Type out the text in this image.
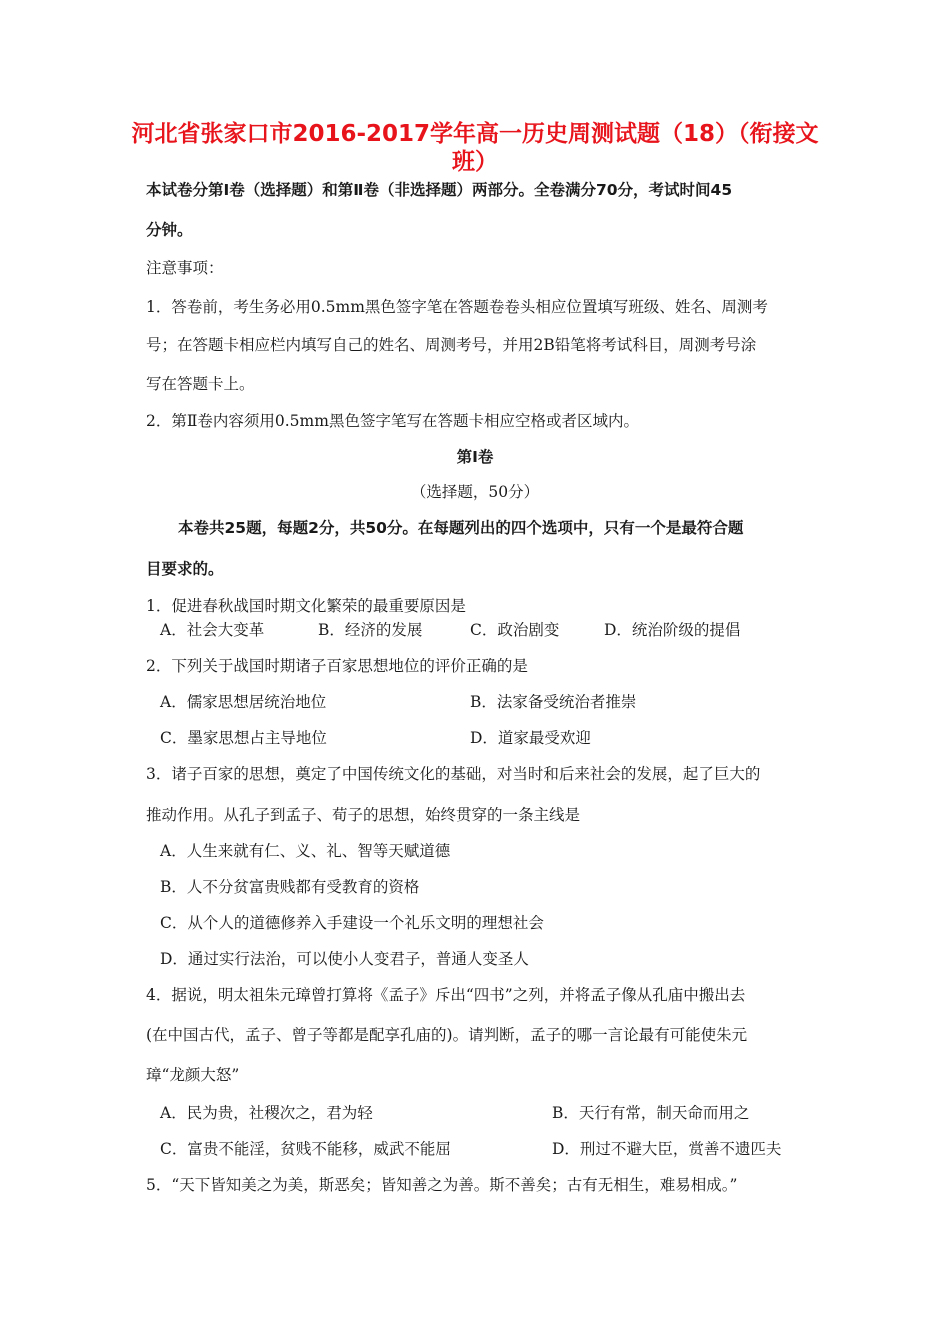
河北省张家口市2016-2017学年高一历史周测试题（18）（衔接文
班）
本试卷分第Ⅰ卷（选择题）和第Ⅱ卷（非选择题）两部分。全卷满分70分，考试时间45
分钟。
注意事项：
1．答卷前，考生务必用0.5mm黑色签字笔在答题卷卷头相应位置填写班级、姓名、周测考
号；在答题卡相应栏内填写自己的姓名、周测考号，并用2B铅笔将考试科目，周测考号涂
写在答题卡上。
2．第Ⅱ卷内容须用0.5mm黑色签字笔写在答题卡相应空格或者区域内。
第Ⅰ卷
（选择题，50分）
本卷共25题，每题2分，共50分。在每题列出的四个选项中，只有一个是最符合题
目要求的。
1．促进春秋战国时期文化繁荣的最重要原因是
A．社会大变革	B．经济的发展	C．政治剧变	D．统治阶级的提倡
2．下列关于战国时期诸子百家思想地位的评价正确的是
A．儒家思想居统治地位	B．法家备受统治者推崇
C．墨家思想占主导地位	D．道家最受欢迎
3．诸子百家的思想，奠定了中国传统文化的基础，对当时和后来社会的发展，起了巨大的
推动作用。从孔子到孟子、荀子的思想，始终贯穿的一条主线是
A．人生来就有仁、义、礼、智等天赋道德
B．人不分贫富贵贱都有受教育的资格
C．从个人的道德修养入手建设一个礼乐文明的理想社会
D．通过实行法治，可以使小人变君子，普通人变圣人
4．据说，明太祖朱元璋曾打算将《孟子》斥出“四书”之列，并将孟子像从孔庙中搬出去
(在中国古代，孟子、曾子等都是配享孔庙的)。请判断，孟子的哪一言论最有可能使朱元
璋“龙颜大怒”
A．民为贵，社稷次之，君为轻	B．天行有常，制天命而用之
C．富贵不能淫，贫贱不能移，威武不能屈	D．刑过不避大臣，赏善不遗匹夫
5．“天下皆知美之为美，斯恶矣；皆知善之为善。斯不善矣；古有无相生，难易相成。”
